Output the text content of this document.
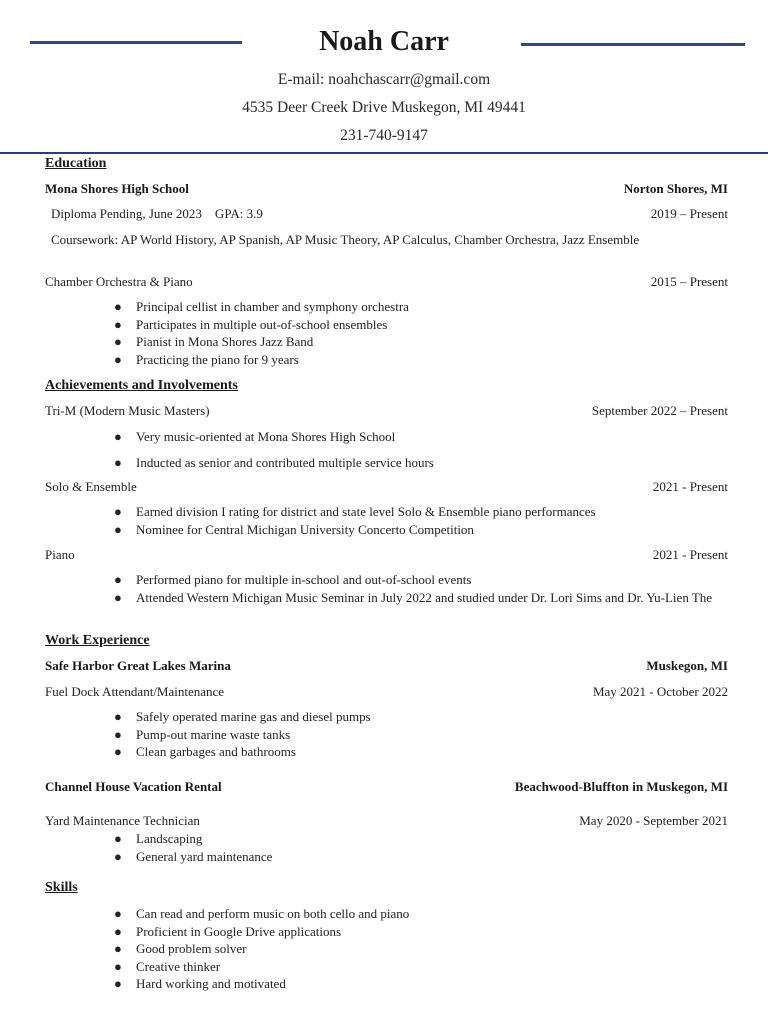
Noah Carr
E-mail: noahchascarr@gmail.com
4535 Deer Creek Drive Muskegon, MI 49441
231-740-9147
Education
Mona Shores High School	Norton Shores, MI
Diploma Pending, June 2023    GPA: 3.9	2019 – Present
Coursework: AP World History, AP Spanish, AP Music Theory, AP Calculus, Chamber Orchestra, Jazz Ensemble
Chamber Orchestra & Piano	2015 – Present
● Principal cellist in chamber and symphony orchestra
● Participates in multiple out-of-school ensembles
● Pianist in Mona Shores Jazz Band
● Practicing the piano for 9 years
Achievements and Involvements
Tri-M (Modern Music Masters)	September 2022 – Present
● Very music-oriented at Mona Shores High School
● Inducted as senior and contributed multiple service hours
Solo & Ensemble	2021 - Present
● Earned division I rating for district and state level Solo & Ensemble piano performances
● Nominee for Central Michigan University Concerto Competition
Piano	2021 - Present
● Performed piano for multiple in-school and out-of-school events
● Attended Western Michigan Music Seminar in July 2022 and studied under Dr. Lori Sims and Dr. Yu-Lien The
Work Experience
Safe Harbor Great Lakes Marina	Muskegon, MI
Fuel Dock Attendant/Maintenance	May 2021 - October 2022
● Safely operated marine gas and diesel pumps
● Pump-out marine waste tanks
● Clean garbages and bathrooms
Channel House Vacation Rental	Beachwood-Bluffton in Muskegon, MI
Yard Maintenance Technician	May 2020 - September 2021
● Landscaping
● General yard maintenance
Skills
● Can read and perform music on both cello and piano
● Proficient in Google Drive applications
● Good problem solver
● Creative thinker
● Hard working and motivated
